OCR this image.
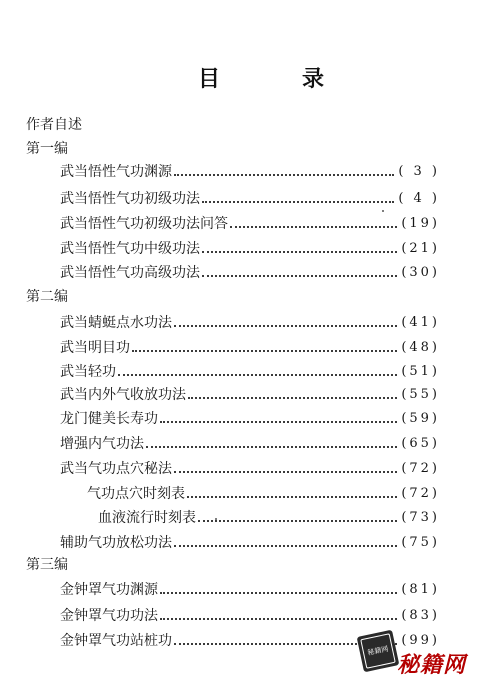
目　录
作者自述
第一编
武当悟性气功渊源	( 3 )
武当悟性气功初级功法	( 4 )
武当悟性气功初级功法问答	(19)
武当悟性气功中级功法	(21)
武当悟性气功高级功法	(30)
第二编
武当蜻蜓点水功法	(41)
武当明目功	(48)
武当轻功	(51)
武当内外气收放功法	(55)
龙门健美长寿功	(59)
增强内气功法	(65)
武当气功点穴秘法	(72)
气功点穴时刻表	(72)
血液流行时刻表	(73)
辅助气功放松功法	(75)
第三编
金钟罩气功渊源	(81)
金钟罩气功功法	(83)
金钟罩气功站桩功	(99)
秘籍网
秘籍网
